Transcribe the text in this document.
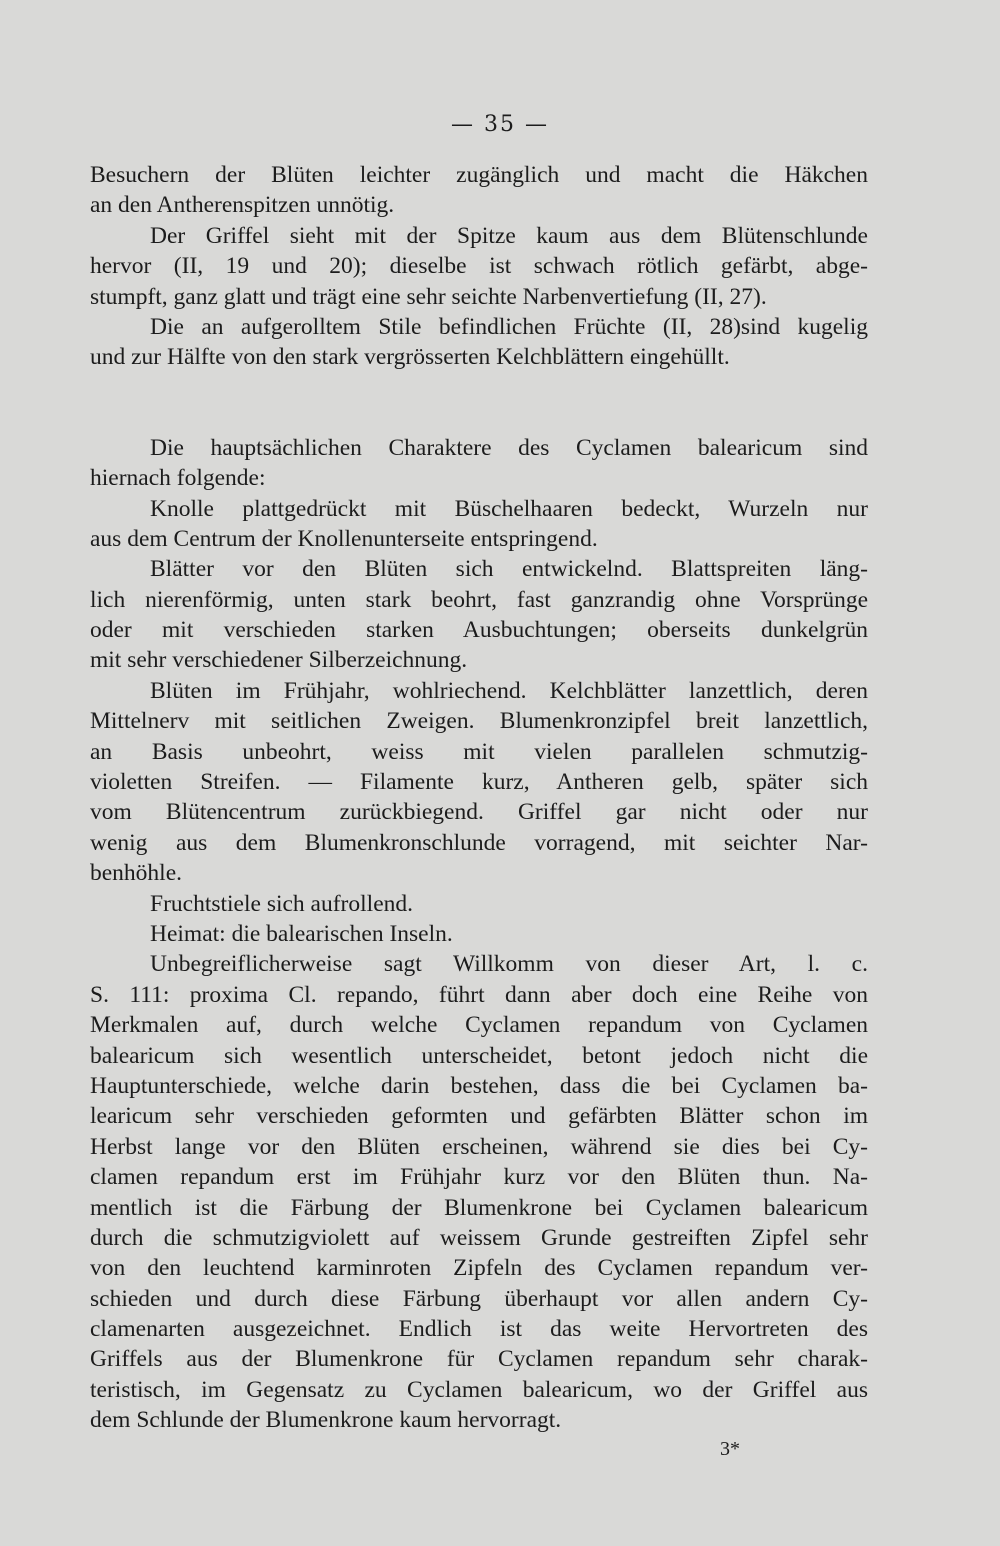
— 35 —
Besuchern der Blüten leichter zugänglich und macht die Häkchen
an den Antherenspitzen unnötig.
Der Griffel sieht mit der Spitze kaum aus dem Blütenschlunde
hervor (II, 19 und 20); dieselbe ist schwach rötlich gefärbt, abge-
stumpft, ganz glatt und trägt eine sehr seichte Narbenvertiefung (II, 27).
Die an aufgerolltem Stile befindlichen Früchte (II, 28)sind kugelig
und zur Hälfte von den stark vergrösserten Kelchblättern eingehüllt.
Die hauptsächlichen Charaktere des Cyclamen balearicum sind
hiernach folgende:
Knolle plattgedrückt mit Büschelhaaren bedeckt, Wurzeln nur
aus dem Centrum der Knollenunterseite entspringend.
Blätter vor den Blüten sich entwickelnd. Blattspreiten läng-
lich nierenförmig, unten stark beohrt, fast ganzrandig ohne Vorsprünge
oder mit verschieden starken Ausbuchtungen; oberseits dunkelgrün
mit sehr verschiedener Silberzeichnung.
Blüten im Frühjahr, wohlriechend. Kelchblätter lanzettlich, deren
Mittelnerv mit seitlichen Zweigen. Blumenkronzipfel breit lanzettlich,
an Basis unbeohrt, weiss mit vielen parallelen schmutzig-
violetten Streifen. — Filamente kurz, Antheren gelb, später sich
vom Blütencentrum zurückbiegend. Griffel gar nicht oder nur
wenig aus dem Blumenkronschlunde vorragend, mit seichter Nar-
benhöhle.
Fruchtstiele sich aufrollend.
Heimat: die balearischen Inseln.
Unbegreiflicherweise sagt Willkomm von dieser Art, l. c.
S. 111: proxima Cl. repando, führt dann aber doch eine Reihe von
Merkmalen auf, durch welche Cyclamen repandum von Cyclamen
balearicum sich wesentlich unterscheidet, betont jedoch nicht die
Hauptunterschiede, welche darin bestehen, dass die bei Cyclamen ba-
learicum sehr verschieden geformten und gefärbten Blätter schon im
Herbst lange vor den Blüten erscheinen, während sie dies bei Cy-
clamen repandum erst im Frühjahr kurz vor den Blüten thun. Na-
mentlich ist die Färbung der Blumenkrone bei Cyclamen balearicum
durch die schmutzigviolett auf weissem Grunde gestreiften Zipfel sehr
von den leuchtend karminroten Zipfeln des Cyclamen repandum ver-
schieden und durch diese Färbung überhaupt vor allen andern Cy-
clamenarten ausgezeichnet. Endlich ist das weite Hervortreten des
Griffels aus der Blumenkrone für Cyclamen repandum sehr charak-
teristisch, im Gegensatz zu Cyclamen balearicum, wo der Griffel aus
dem Schlunde der Blumenkrone kaum hervorragt.
3*
